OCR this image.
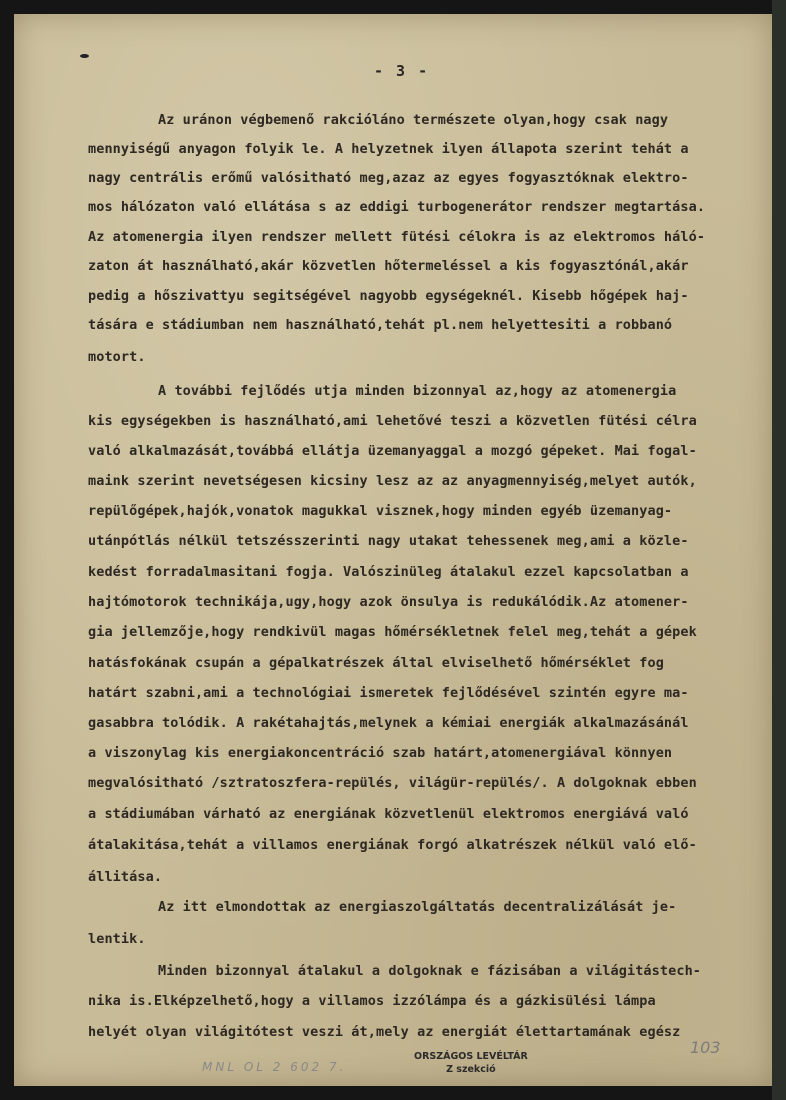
- 3 -
Az uránon végbemenő rakcióláno természete olyan,hogy csak nagy
mennyiségű anyagon folyik le. A helyzetnek ilyen állapota szerint tehát a
nagy centrális erőmű valósitható meg,azaz az egyes fogyasztóknak elektro-
mos hálózaton való ellátása s az eddigi turbogenerátor rendszer megtartása.
Az atomenergia ilyen rendszer mellett fütési célokra is az elektromos háló-
zaton át használható,akár közvetlen hőtermeléssel a kis fogyasztónál,akár
pedig a hőszivattyu segitségével nagyobb egységeknél. Kisebb hőgépek haj-
tására e stádiumban nem használható,tehát pl.nem helyettesiti a robbanó
motort.
A további fejlődés utja minden bizonnyal az,hogy az atomenergia
kis egységekben is használható,ami lehetővé teszi a közvetlen fütési célra
való alkalmazását,továbbá ellátja üzemanyaggal a mozgó gépeket. Mai fogal-
maink szerint nevetségesen kicsiny lesz az az anyagmennyiség,melyet autók,
repülőgépek,hajók,vonatok magukkal visznek,hogy minden egyéb üzemanyag-
utánpótlás nélkül tetszésszerinti nagy utakat tehessenek meg,ami a közle-
kedést forradalmasitani fogja. Valószinüleg átalakul ezzel kapcsolatban a
hajtómotorok technikája,ugy,hogy azok önsulya is redukálódik.Az atomener-
gia jellemzője,hogy rendkivül magas hőmérsékletnek felel meg,tehát a gépek
hatásfokának csupán a gépalkatrészek által elviselhető hőmérséklet fog
határt szabni,ami a technológiai ismeretek fejlődésével szintén egyre ma-
gasabbra tolódik. A rakétahajtás,melynek a kémiai energiák alkalmazásánál
a viszonylag kis energiakoncentráció szab határt,atomenergiával könnyen
megvalósitható /sztratoszfera-repülés, világür-repülés/. A dolgoknak ebben
a stádiumában várható az energiának közvetlenül elektromos energiává való
átalakitása,tehát a villamos energiának forgó alkatrészek nélkül való elő-
állitása.
Az itt elmondottak az energiaszolgáltatás decentralizálását je-
lentik.
Minden bizonnyal átalakul a dolgoknak e fázisában a világitástech-
nika is.Elképzelhető,hogy a villamos izzólámpa és a gázkisülési lámpa
helyét olyan világitótest veszi át,mely az energiát élettartamának egész
MNL OL 2 602 7.
ORSZÁGOS LEVÉLTÁR
Z szekció
103
